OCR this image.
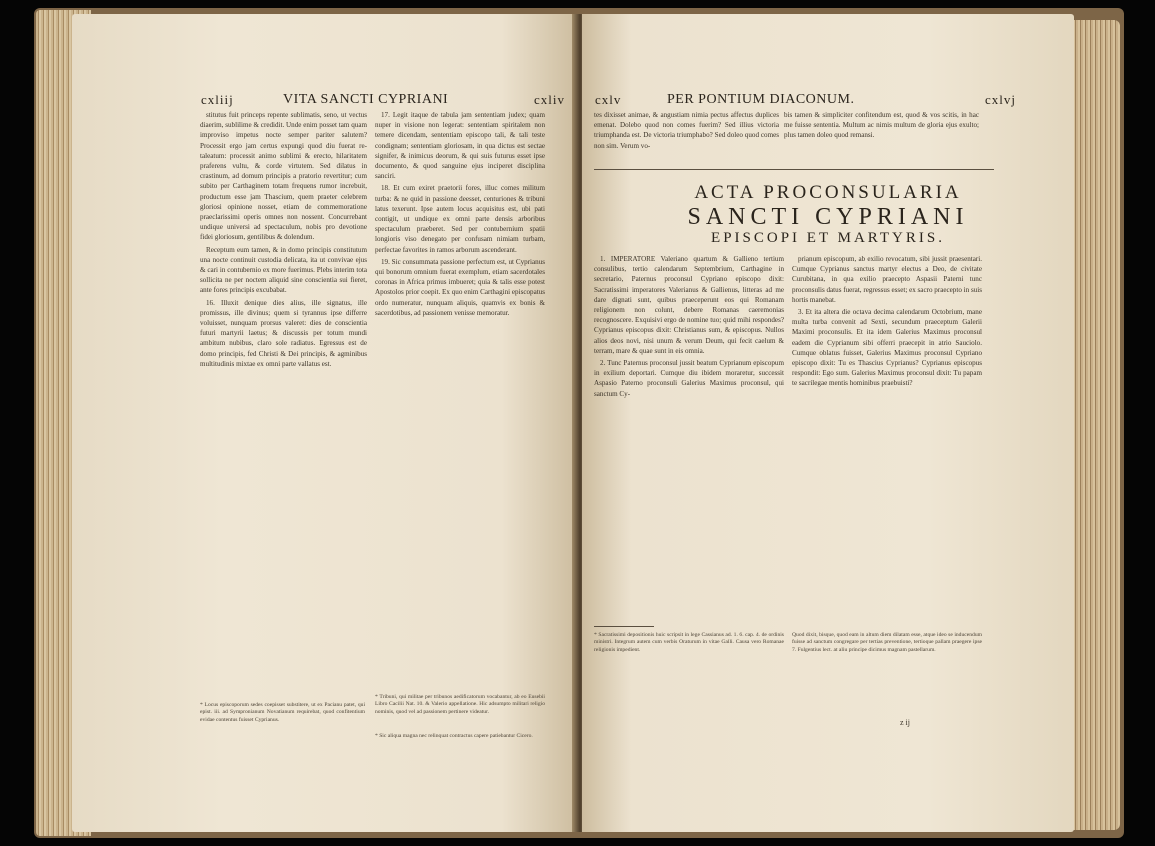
cxliij	VITA SANCTI CYPRIANI	cxliv

stitutus fuit princeps repente sublimatis, seno, ut vectus diaerim, sublilime & credidit. Unde enim posset tam quam improviso impetus nocte semper pariter salutem? Processit ergo jam certus expungi quod diu fuerat re-taleatum: processit animo sublimi & erecto, hilaritatem praferens vultu, & corde virtutem. Sed dilatus in crastinum, ad domum principis a pratorio revertitur; cum subito per Carthaginem totam frequens rumor increbuit, productum esse jam Thascium, quem praeter celebrem gloriosi opinione nosset, etiam de commemoratione praeclarissimi operis omnes non nossent. Concurrebant undique universi ad spectaculum, nobis pro devotione fidei gloriosum, gentilibus & dolendum.

Receptum eum tamen, & in domo principis constitutum una nocte continuit custodia delicata, ita ut convivae ejus & cari in contubernio ex more fuerimus. Plebs interim tota sollicita ne per noctem aliquid sine conscientia sui fieret, ante fores principis excubabat.

16. Illuxit denique dies alius, ille signatus, ille promissus, ille divinus; quem si tyrannus ipse differre voluisset, nunquam prorsus valeret: dies de conscientia futuri martyrii laetus; & discussis per totum mundi ambitum nubibus, claro sole radiatus. Egressus est de domo principis, fed Christi & Dei principis, & agminibus multitudinis mixtae ex omni parte vallatus est.

17. Legit itaque de tabula jam sententiam judex; quam nuper in visione non legerat: sententiam spiritalem non temere dicendam, sententiam episcopo tali, & tali teste condignam; sententiam gloriosam, in qua dictus est sectae signifer, & inimicus deorum, & qui suis futurus esset ipse documento, & quod sanguine ejus inciperet disciplina sanciri.

18. Et cum exiret praetorii fores, illuc comes militum turba: & ne quid in passione deesset, centuriones & tribuni latus texerunt. Ipse autem locus acquisitus est, ubi pati contigit, ut undique ex omni parte densis arboribus spectaculum praeberet. Sed per contubernium spatii longioris viso denegato per confusam nimiam turbam, perfectae favorites in ramos arborum ascenderant.

19. Sic consummata passione perfectum est, ut Cyprianus qui bonorum omnium fuerat exemplum, etiam sacerdotales coronas in Africa primus imbueret; quia & talis esse potest Apostolos prior coepit. Ex quo enim Carthagini episcopatus ordo numeratur, nunquam aliquis, quamvis ex bonis & sacerdotibus, ad passionem venisse memoratur.

* Locus episcoporum sedes coepisset substitere, ut ex Pacianu patet, qui epist. iii. ad Sympronianum Novatianum requirebat, quod confitentium evidae contentus fuisset Cyprianus.
* Tribuni, qui militae per tribunos aedificatorum vocabantur, ab eo Eusebii Libro Cacilii Nat. 10. & Valerio appellatione. Hic adsumpto militari religio nominis, quod vel ad passionem pertinere videatur.
* Sic aliqua magna nec relinquat contractus capere patiebantur Cicero.
cxlv	PER PONTIUM DIACONUM.	cxlvj
tes dixisset animae, & angustiam nimia pectus affectus duplices emenat. Dolebo quod non comes fuerim? Sed illius victoria triumphanda est. De victoria triumphabo? Sed doleo quod comes non sim. Verum vo-
bis tamen & simpliciter confitendum est, quod & vos scitis, in hac me fuisse sententia. Multum ac nimis multum de gloria ejus exulto; plus tamen doleo quod remansi.
ACTA PROCONSULARIA
SANCTI CYPRIANI
EPISCOPI ET MARTYRIS.

1. IMPERATORE Valeriano quartum & Gallieno tertium consulibus, tertio calendarum Septembrium, Carthagine in secretario, Paternus proconsul Cypriano episcopo dixit: Sacratissimi imperatores Valerianus & Gallienus, litteras ad me dare dignati sunt, quibus praeceperunt eos qui Romanam religionem non colunt, debere Romanas caeremonias recognoscere. Exquisivi ergo de nomine tuo; quid mihi respondes? Cyprianus episcopus dixit: Christianus sum, & episcopus. Nullos alios deos novi, nisi unum & verum Deum, qui fecit caelum & terram, mare & quae sunt in eis omnia.

2. Tunc Paternus proconsul jussit beatum Cyprianum episcopum in exilium deportari. Cumque diu ibidem moraretur, successit Aspasio Paterno proconsuli Galerius Maximus proconsul, qui sanctum Cy-

prianum episcopum, ab exilio revocatum, sibi jussit praesentari. Cumque Cyprianus sanctus martyr electus a Deo, de civitate Curubitana, in qua exilio praecepto Aspasii Paterni tunc proconsulis datus fuerat, regressus esset; ex sacro praecepto in suis hortis manebat.

3. Et ita altera die octava decima calendarum Octobrium, mane multa turba convenit ad Sexti, secundum praeceptum Galerii Maximi proconsulis. Et ita idem Galerius Maximus proconsul eadem die Cyprianum sibi offerri praecepit in atrio Sauciolo. Cumque oblatus fuisset, Galerius Maximus proconsul Cypriano episcopo dixit: Tu es Thascius Cyprianus? Cyprianus episcopus respondit: Ego sum. Galerius Maximus proconsul dixit: Tu papam te sacrilegae mentis hominibus praebuisti?

* Sacratissimi depositionis huic scripsit in lege Cassianus ad. 1. 6. cap. 4. de ordinis ministri. Integrum autem cum verbis Oraturum in vitae Galli. Causa vero Romanae religionis impedient.
Quod dixit, bisque, quod eam in altum diem dilatam esse, atque ideo se inducendum fuisse ad sanctum congregare per tertias preventione, tertioque pallam praegere ipse 7. Fulgentius lect. at aliu principe dicimus magnam pastellarum.
z ij
